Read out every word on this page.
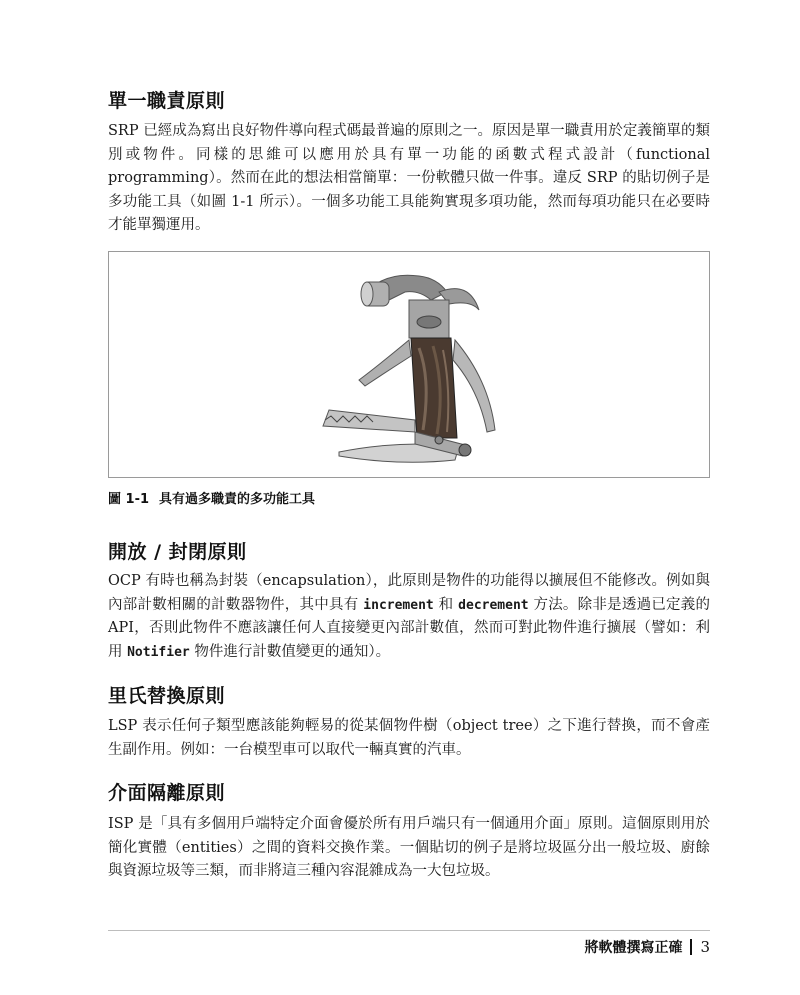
單一職責原則

SRP 已經成為寫出良好物件導向程式碼最普遍的原則之一。原因是單一職責用於定義簡單的類別或物件。同樣的思維可以應用於具有單一功能的函數式程式設計（functional programming）。然而在此的想法相當簡單：一份軟體只做一件事。違反 SRP 的貼切例子是多功能工具（如圖 1-1 所示）。一個多功能工具能夠實現多項功能，然而每項功能只在必要時才能單獨運用。

圖 1-1 具有過多職責的多功能工具
開放 / 封閉原則

OCP 有時也稱為封裝（encapsulation），此原則是物件的功能得以擴展但不能修改。例如與內部計數相關的計數器物件，其中具有 increment 和 decrement 方法。除非是透過已定義的 API，否則此物件不應該讓任何人直接變更內部計數值，然而可對此物件進行擴展（譬如：利用 Notifier 物件進行計數值變更的通知）。

里氏替換原則

LSP 表示任何子類型應該能夠輕易的從某個物件樹（object tree）之下進行替換，而不會產生副作用。例如：一台模型車可以取代一輛真實的汽車。

介面隔離原則

ISP 是「具有多個用戶端特定介面會優於所有用戶端只有一個通用介面」原則。這個原則用於簡化實體（entities）之間的資料交換作業。一個貼切的例子是將垃圾區分出一般垃圾、廚餘與資源垃圾等三類，而非將這三種內容混雜成為一大包垃圾。

將軟體撰寫正確 3
